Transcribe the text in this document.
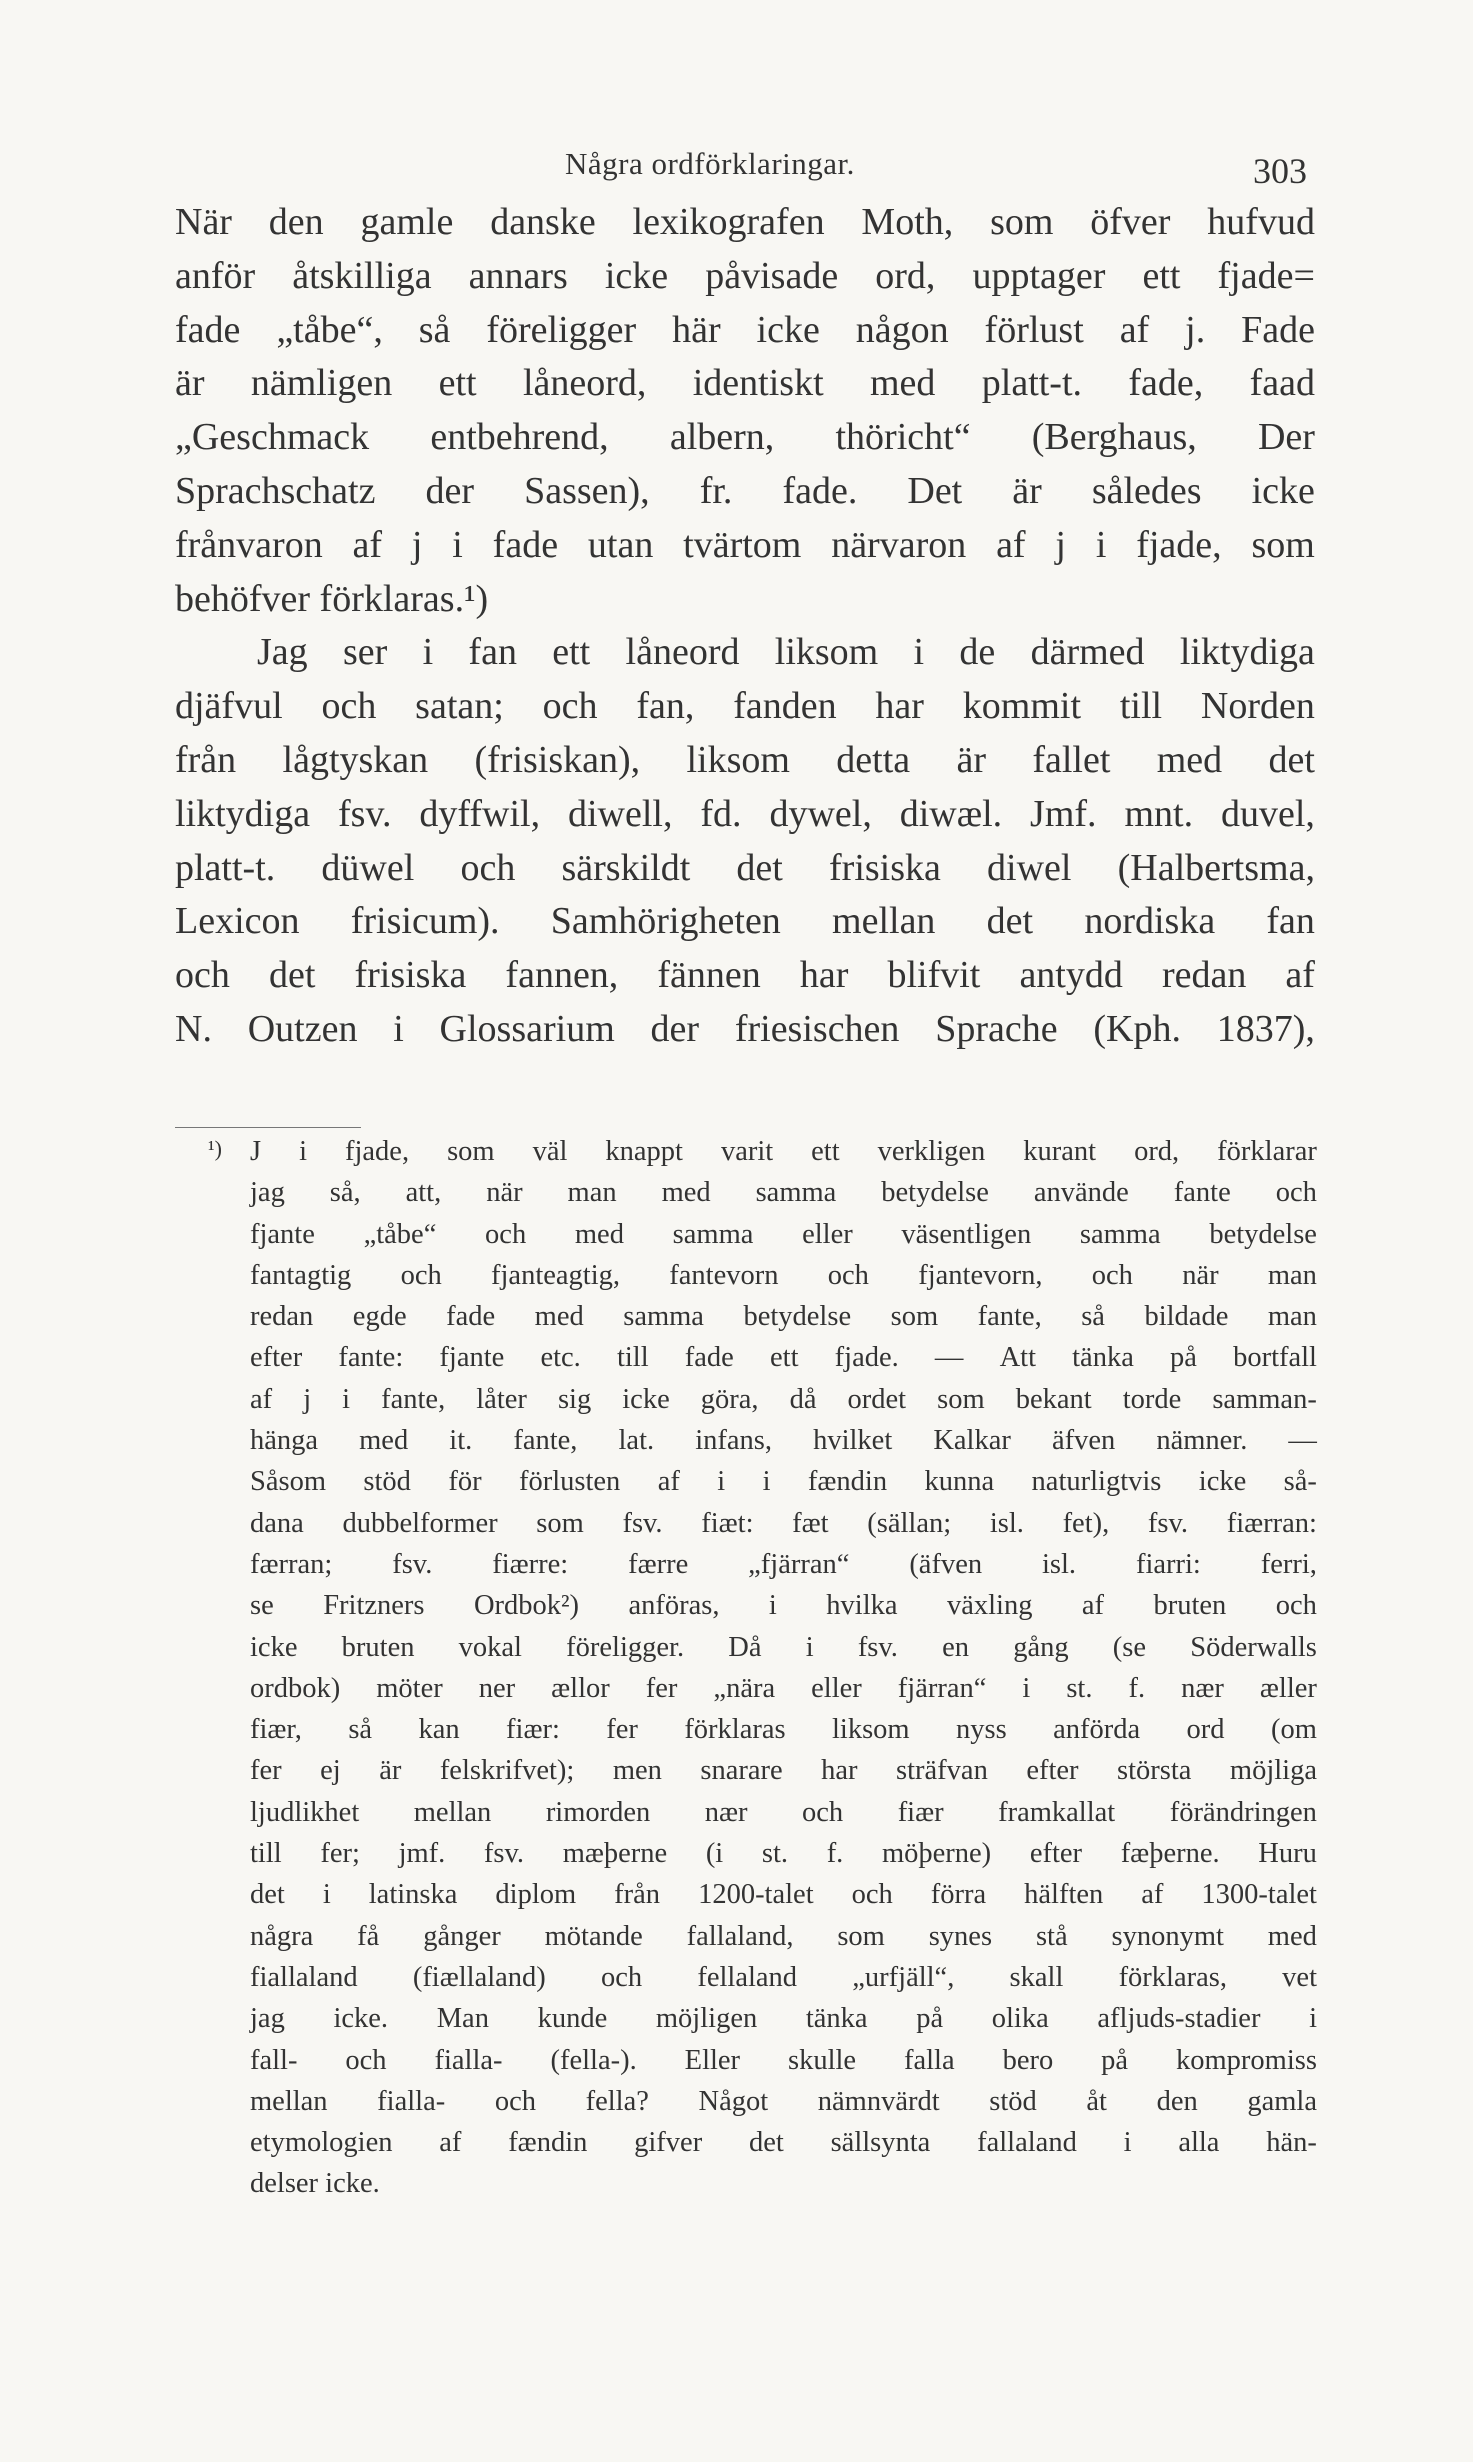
Några ordförklaringar.	303
När den gamle danske lexikografen Moth, som öfver hufvud
anför åtskilliga annars icke påvisade ord, upptager ett fjade=
fade „tåbe“, så föreligger här icke någon förlust af j. Fade
är nämligen ett låneord, identiskt med platt-t. fade, faad
„Geschmack entbehrend, albern, thöricht“ (Berghaus, Der
Sprachschatz der Sassen), fr. fade. Det är således icke
frånvaron af j i fade utan tvärtom närvaron af j i fjade, som
behöfver förklaras.¹)
Jag ser i fan ett låneord liksom i de därmed liktydiga
djäfvul och satan; och fan, fanden har kommit till Norden
från lågtyskan (frisiskan), liksom detta är fallet med det
liktydiga fsv. dyffwil, diwell, fd. dywel, diwæl. Jmf. mnt. duvel,
platt-t. düwel och särskildt det frisiska diwel (Halbertsma,
Lexicon frisicum). Samhörigheten mellan det nordiska fan
och det frisiska fannen, fännen har blifvit antydd redan af
N. Outzen i Glossarium der friesischen Sprache (Kph. 1837),
¹) J i fjade, som väl knappt varit ett verkligen kurant ord, förklarar
jag så, att, när man med samma betydelse använde fante och
fjante „tåbe“ och med samma eller väsentligen samma betydelse
fantagtig och fjanteagtig, fantevorn och fjantevorn, och när man
redan egde fade med samma betydelse som fante, så bildade man
efter fante: fjante etc. till fade ett fjade. — Att tänka på bortfall
af j i fante, låter sig icke göra, då ordet som bekant torde samman-
hänga med it. fante, lat. infans, hvilket Kalkar äfven nämner. —
Såsom stöd för förlusten af i i fændin kunna naturligtvis icke så-
dana dubbelformer som fsv. fiæt: fæt (sällan; isl. fet), fsv. fiærran:
færran; fsv. fiærre: færre „fjärran“ (äfven isl. fiarri: ferri,
se Fritzners Ordbok²) anföras, i hvilka växling af bruten och
icke bruten vokal föreligger. Då i fsv. en gång (se Söderwalls
ordbok) möter ner ællor fer „nära eller fjärran“ i st. f. nær æller
fiær, så kan fiær: fer förklaras liksom nyss anförda ord (om
fer ej är felskrifvet); men snarare har sträfvan efter största möjliga
ljudlikhet mellan rimorden nær och fiær framkallat förändringen
till fer; jmf. fsv. mæþerne (i st. f. möþerne) efter fæþerne. Huru
det i latinska diplom från 1200-talet och förra hälften af 1300-talet
några få gånger mötande fallaland, som synes stå synonymt med
fiallaland (fiællaland) och fellaland „urfjäll“, skall förklaras, vet
jag icke. Man kunde möjligen tänka på olika afljuds-stadier i
fall- och fialla- (fella-). Eller skulle falla bero på kompromiss
mellan fialla- och fella? Något nämnvärdt stöd åt den gamla
etymologien af fændin gifver det sällsynta fallaland i alla hän-
delser icke.
